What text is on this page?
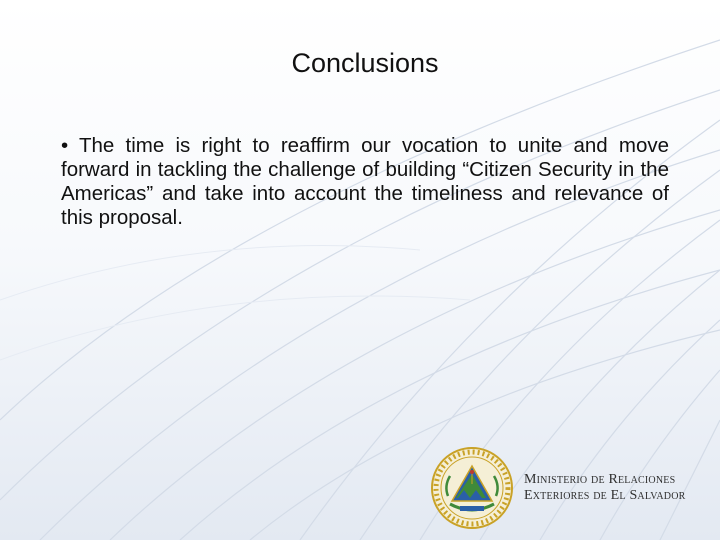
Conclusions

• The time is right to reaffirm our vocation to unite and move forward in tackling the challenge of building “Citizen Security in the Americas” and take into account the timeliness and relevance of this proposal.

Ministerio de Relaciones
Exteriores de El Salvador
